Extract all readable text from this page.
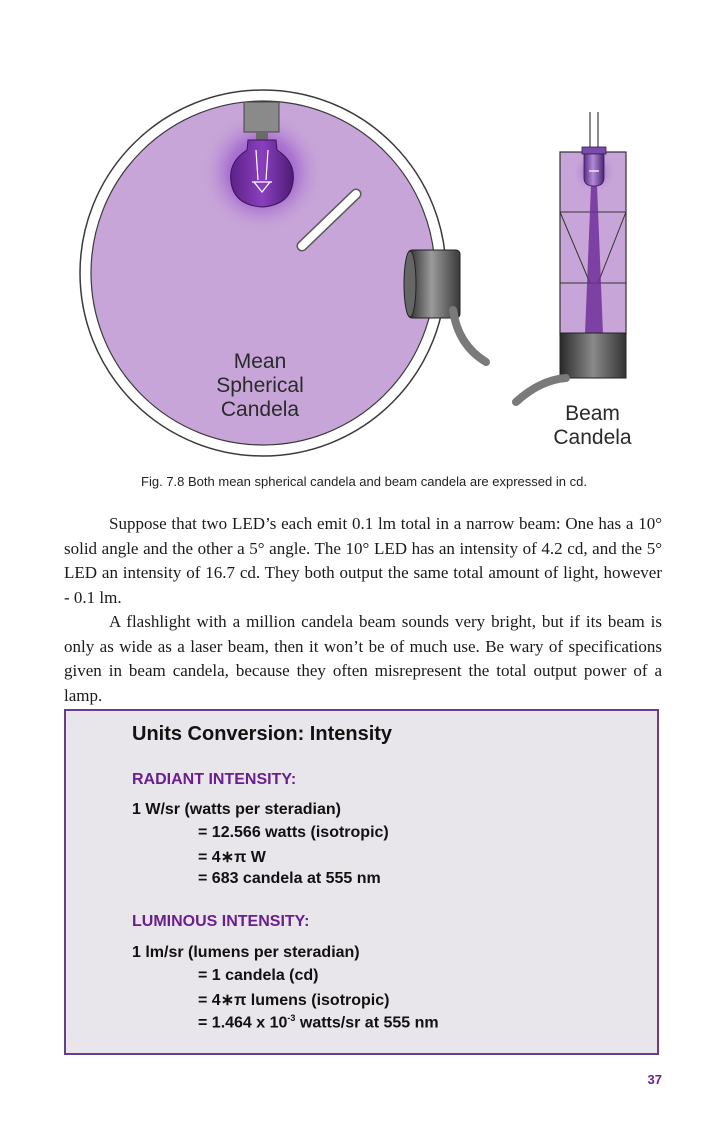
Mean
Spherical
Candela	Beam
Candela
Fig. 7.8 Both mean spherical candela and beam candela are expressed in cd.

Suppose that two LED’s each emit 0.1 lm total in a narrow beam: One has a 10° solid angle and the other a 5° angle. The 10° LED has an intensity of 4.2 cd, and the 5° LED an intensity of 16.7 cd. They both output the same total amount of light, however - 0.1 lm.

A flashlight with a million candela beam sounds very bright, but if its beam is only as wide as a laser beam, then it won’t be of much use. Be wary of specifications given in beam candela, because they often misrepresent the total output power of a lamp.

Units Conversion: Intensity
RADIANT INTENSITY:
1 W/sr (watts per steradian)
= 12.566 watts (isotropic)
= 4∗π W
= 683 candela at 555 nm
LUMINOUS INTENSITY:
1 lm/sr (lumens per steradian)
= 1 candela (cd)
= 4∗π lumens (isotropic)
= 1.464 x $10^{-3}$ watts/sr at 555 nm
37
